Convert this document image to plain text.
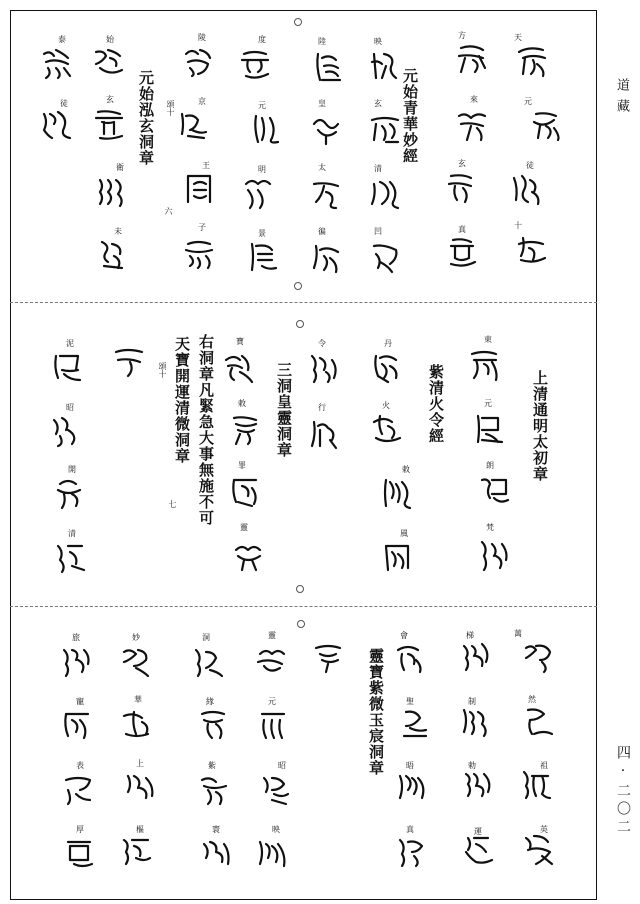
道藏
四·二〇二
元始青華妙經
元始泓玄洞章 頌十
六
天
元
徒
十
方
來
玄
真
映
玄
清
凹
陸
皇
太
徧
度
元
明
景
陵
京
王
子
始
玄
衛
未
泰
徒
上清通明太初章
紫清火令經
三洞皇靈洞章
右洞章凡緊急大事無施不可
天寶開運清微洞章
頌十
七
東
元
朗
梵
丹
火
敕
風
令
行
寶
敕
罪
靈
泥
昭
開
清
靈寶紫微玉宸洞章
萬
然
祖
英
梯
制
勅
運
會
聖
晤
真
靈
元
昭
映
洞
緣
紫
寰
妙
華
上
樞
旅
寵
表
厚
